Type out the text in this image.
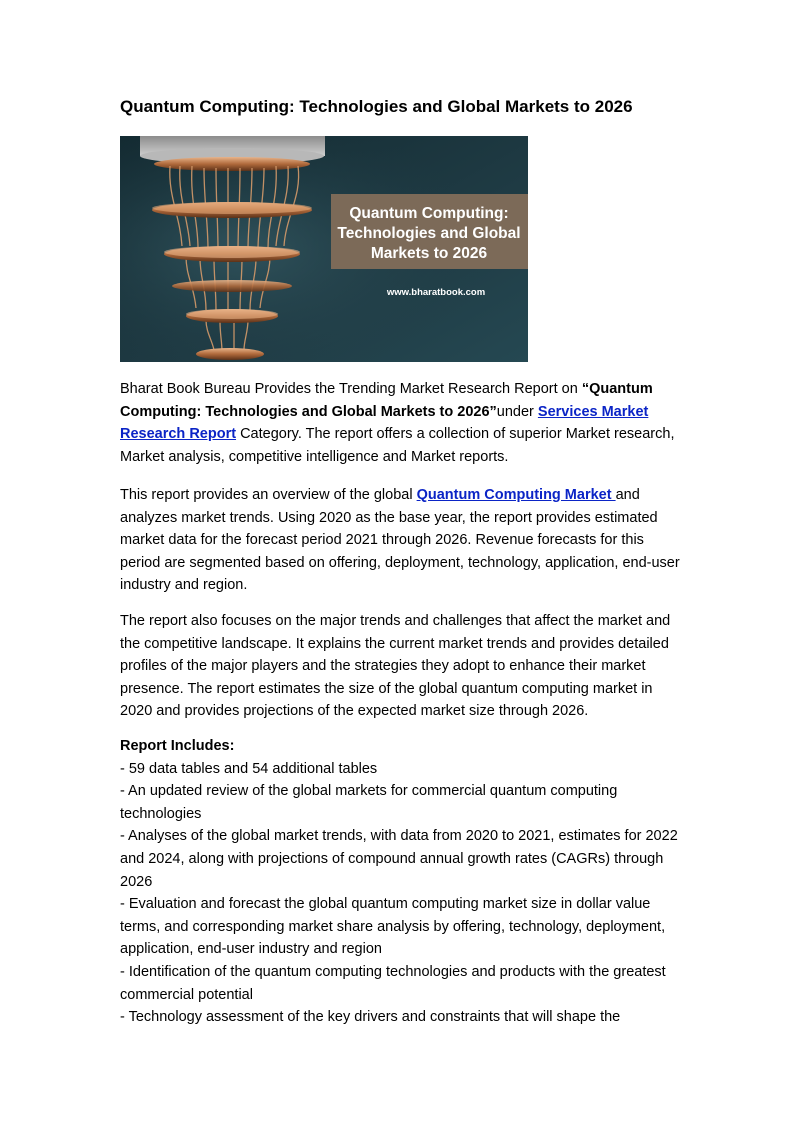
Quantum Computing: Technologies and Global Markets to 2026
Quantum Computing:
Technologies and Global
Markets to 2026
www.bharatbook.com

Bharat Book Bureau Provides the Trending Market Research Report on “Quantum Computing: Technologies and Global Markets to 2026”under Services Market Research Report Category. The report offers a collection of superior Market research, Market analysis, competitive intelligence and Market reports.

This report provides an overview of the global Quantum Computing Market and analyzes market trends. Using 2020 as the base year, the report provides estimated market data for the forecast period 2021 through 2026. Revenue forecasts for this period are segmented based on offering, deployment, technology, application, end-user industry and region.

The report also focuses on the major trends and challenges that affect the market and the competitive landscape. It explains the current market trends and provides detailed profiles of the major players and the strategies they adopt to enhance their market presence. The report estimates the size of the global quantum computing market in 2020 and provides projections of the expected market size through 2026.

Report Includes:
- 59 data tables and 54 additional tables
- An updated review of the global markets for commercial quantum computing technologies
- Analyses of the global market trends, with data from 2020 to 2021, estimates for 2022 and 2024, along with projections of compound annual growth rates (CAGRs) through 2026
- Evaluation and forecast the global quantum computing market size in dollar value terms, and corresponding market share analysis by offering, technology, deployment, application, end-user industry and region
- Identification of the quantum computing technologies and products with the greatest commercial potential
- Technology assessment of the key drivers and constraints that will shape the
